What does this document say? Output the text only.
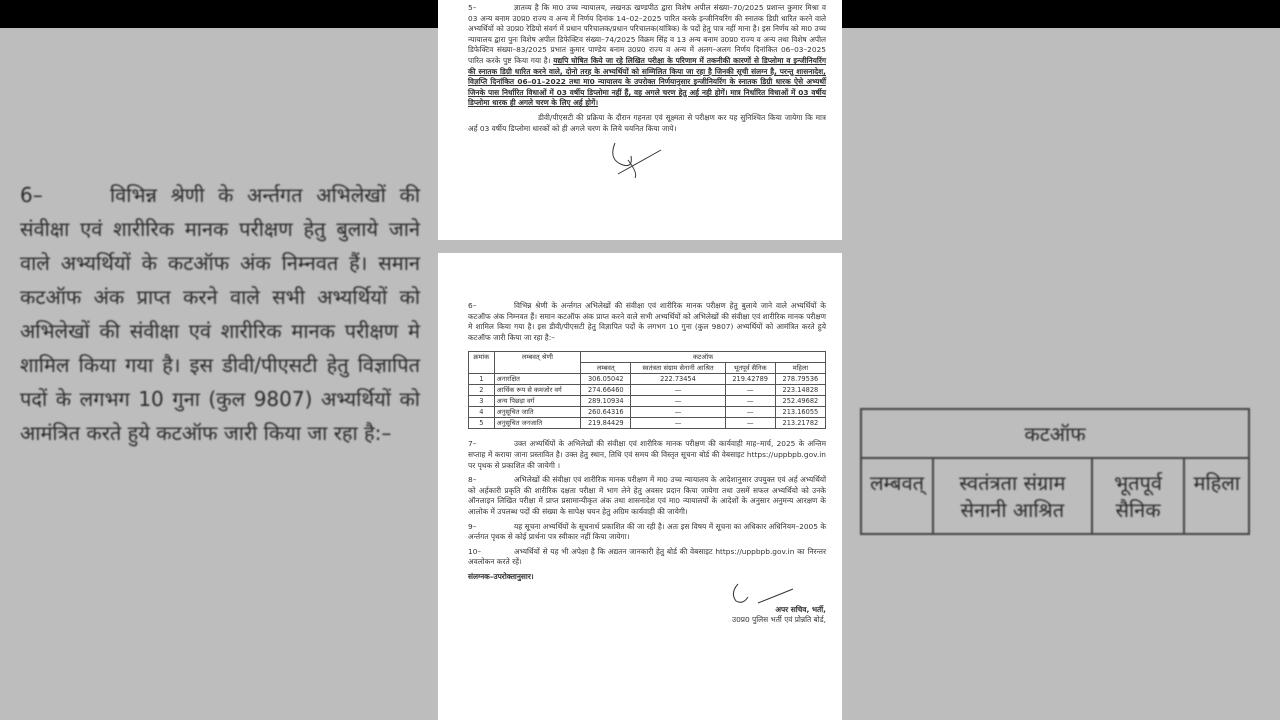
6–	विभिन्न श्रेणी के अर्न्तगत अभिलेखों की संवीक्षा एवं शारीरिक मानक परीक्षण हेतु बुलाये जाने वाले अभ्यर्थियों के कटऑफ अंक निम्नवत हैं। समान कटऑफ अंक प्राप्त करने वाले सभी अभ्यर्थियों को अभिलेखों की संवीक्षा एवं शारीरिक मानक परीक्षण मे शामिल किया गया है। इस डीवी/पीएसटी हेतु विज्ञापित पदों के लगभग 10 गुना (कुल 9807) अभ्यर्थियों को आमंत्रित करते हुये कटऑफ जारी किया जा रहा है:–	कटऑफ
लम्बवत्	स्वतंत्रता संग्राम सेनानी आश्रित	भूतपूर्व सैनिक	महिला
5–	ज्ञातव्य है कि मा0 उच्च न्यायालय, लखनऊ खण्डपीठ द्वारा विशेष अपील संख्या–70/2025 प्रशान्त कुमार मिश्रा व 03 अन्य बनाम उ0प्र0 राज्य व अन्य में निर्णय दिनांक 14–02–2025 पारित करके इन्जीनियरिंग की स्नातक डिग्री धारित करने वाले अभ्यर्थियों को उ0प्र0 रेडियो संवर्ग में प्रधान परिचालक/प्रधान परिचालक(यांत्रिक) के पदों हेतु पात्र नहीं माना है। इस निर्णय को मा0 उच्च न्यायालय द्वारा पुनः विशेष अपील डिफेक्टिव संख्या–74/2025 विक्रम सिंह व 13 अन्य बनाम उ0प्र0 राज्य व अन्य तथा विशेष अपील डिफेक्टिव संख्या–83/2025 प्रभात कुमार पाण्डेय बनाम उ0प्र0 राज्य व अन्य में अलग–अलग निर्णय दिनांकित 06–03–2025 पारित करके पुष्ट किया गया है। यद्यपि घोषित किये जा रहे लिखित परीक्षा के परिणाम में तकनीकी कारणों से डिप्लोमा व इन्जीनियरिंग की स्नातक डिग्री धारित करने वाले, दोनो तरह के अभ्यर्थियों को सम्मिलित किया जा रहा है जिनकी सूची संलग्न है, परन्तु शासनादेश, विज्ञप्ति दिनांकित 06–01–2022 तथा मा0 न्यायालय के उपरोक्त निर्णयानुसार इन्जीनियरिंग के स्नातक डिग्री धारक ऐसे अभ्यर्थी जिनके पास निर्धारित विधाओं में 03 वर्षीय डिप्लोमा नहीं हैं, वह अगले चरण हेतु अर्ह नही होगें। मात्र निर्धारित विधाओं में 03 वर्षीय डिप्लोमा धारक ही अगले चरण के लिए अर्ह होगें।
डीवी/पीएसटी की प्रक्रिया के दौरान गहनता एवं सूक्ष्मता से परीक्षण कर यह सुनिश्चित किया जायेगा कि मात्र अर्ह 03 वर्षीय डिप्लोमा धारकों को ही अगले चरण के लिये चयनित किया जाये।
6–	विभिन्न श्रेणी के अर्न्तगत अभिलेखों की संवीक्षा एवं शारीरिक मानक परीक्षण हेतु बुलाये जाने वाले अभ्यर्थियों के कटऑफ अंक निम्नवत हैं। समान कटऑफ अंक प्राप्त करने वाले सभी अभ्यर्थियों को अभिलेखों की संवीक्षा एवं शारीरिक मानक परीक्षण मे शामिल किया गया है। इस डीवी/पीएसटी हेतु विज्ञापित पदों के लगभग 10 गुना (कुल 9807) अभ्यर्थियों को आमंत्रित करते हुये कटऑफ जारी किया जा रहा है:–
क्रमांक	लम्बवत् श्रेणी	कटऑफ			
		लम्बवत्	स्वतंत्रता संग्राम सेनानी आश्रित	भूतपूर्व सैनिक	महिला
1	अनारक्षित	306.05042	222.73454	219.42789	278.79536
2	आर्थिक रूप से कमजोर वर्ग	274.66460	—	—	223.14828
3	अन्य पिछड़ा वर्ग	289.10934	—	—	252.49682
4	अनुसूचित जाति	260.64316	—	—	213.16055
5	अनुसूचित जनजाति	219.84429	—	—	213.21782
7–	उक्त अभ्यर्थियों के अभिलेखों की संवीक्षा एवं शारीरिक मानक परीक्षण की कार्यवाही माह–मार्च, 2025 के अन्तिम सप्ताह में कराया जाना प्रस्तावित है। उक्त हेतु स्थान, तिथि एवं समय की विस्तृत सूचना बोर्ड की वेबसाइट https://uppbpb.gov.in पर पृथक से प्रकाशित की जायेगी ।
8–	अभिलेखों की संवीक्षा एवं शारीरिक मानक परीक्षण में मा0 उच्च न्यायालय के आदेशानुसार उपयुक्त एवं अर्ह अभ्यर्थियों को अर्हकारी प्रकृति की शारीरिक दक्षता परीक्षा में भाग लेने हेतु अवसर प्रदान किया जायेगा तथा उसमें सफल अभ्यर्थियो को उनके ऑनलाइन लिखित परीक्षा में प्राप्त प्रसामान्यीकृत अंक तथा शासनादेश एवं मा0 न्यायालयों के आदेशों के अनुसार अनुमन्य आरक्षण के आलोक में उपलब्ध पदों की संख्या के सापेक्ष चयन हेतु अग्रिम कार्यवाही की जायेगी।
9–	यह सूचना अभ्यर्थियों के सूचनार्थ प्रकाशित की जा रही है। अतः इस विषय में सूचना का अधिकार अधिनियम–2005 के अर्न्तगत पृथक से कोई प्रार्थना पत्र स्वीकार नहीं किया जायेगा।
10–	अभ्यर्थियों से यह भी अपेक्षा है कि अद्यतन जानकारी हेतु बोर्ड की वेबसाइट https://uppbpb.gov.in का निरन्तर अवलोकन करते रहें।
संलग्नक–उपरोक्तानुसार।
अपर सचिव, भर्ती,
उ0प्र0 पुलिस भर्ती एवं प्रोन्नति बोर्ड,
